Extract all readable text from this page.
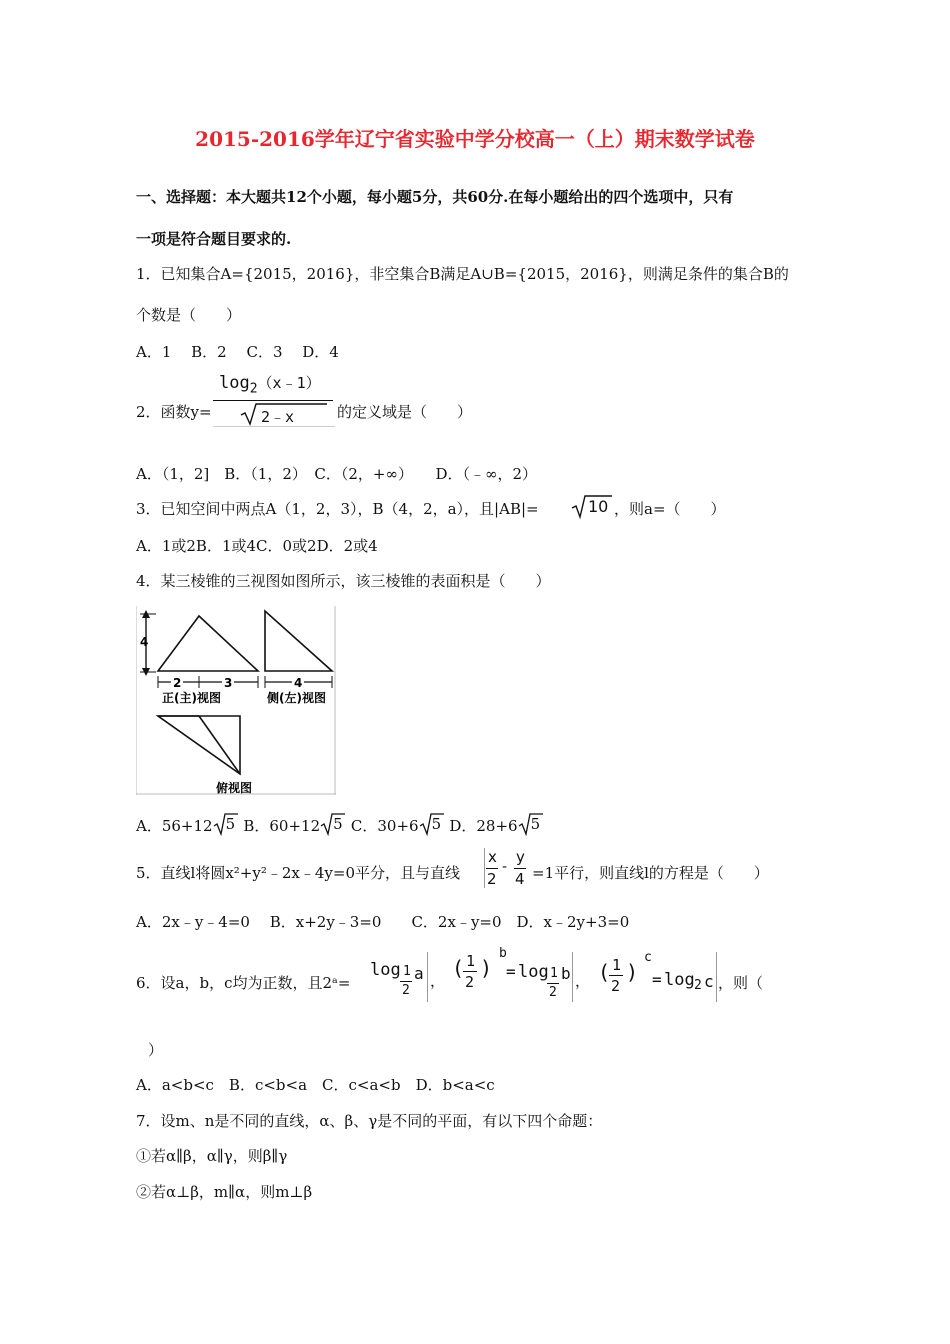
2015-2016学年辽宁省实验中学分校高一（上）期末数学试卷
一、选择题：本大题共12个小题，每小题5分，共60分.在每小题给出的四个选项中，只有
一项是符合题目要求的.
1．已知集合A={2015，2016}，非空集合B满足A∪B={2015，2016}，则满足条件的集合B的
个数是（　　）
A．1　 B．2　 C．3　 D．4
2．函数y=
$\log_2(x﹣1)$
2﹣x	的定义域是（　　）
A．（1，2]　B．（1，2）　C．（2，+∞）　　D．（﹣∞，2）
3．已知空间中两点A（1，2，3），B（4，2，a），且|AB|=	10 ，则a=（　　）
A．1或2B．1或4C．0或2D．2或4
4．某三棱锥的三视图如图所示，该三棱锥的表面积是（　　）
4
2	3
正(主)视图
4
侧(左)视图
俯视图
A．56+12 5 B．60+12 5 C．30+6 5 D．28+6 5
5．直线l将圆x²+y²﹣2x﹣4y=0平分，且与直线
x
2
-
y
4 =1平行，则直线l的方程是（　　）
A．2x﹣y﹣4=0　 B．x+2y﹣3=0　　C．2x﹣y=0　D．x﹣2y+3=0
6．设a，b，c均为正数，且2ᵃ=
log 1
2
a ，
( 1
2
)
b
= log 1
2
b ， ( 1
2
)
c
= log 2 c ，则（
）
A．a<b<c　B．c<b<a　C．c<a<b　D．b<a<c
7．设m、n是不同的直线，α、β、γ是不同的平面，有以下四个命题：
①若α∥β，α∥γ，则β∥γ
②若α⊥β，m∥α，则m⊥β
